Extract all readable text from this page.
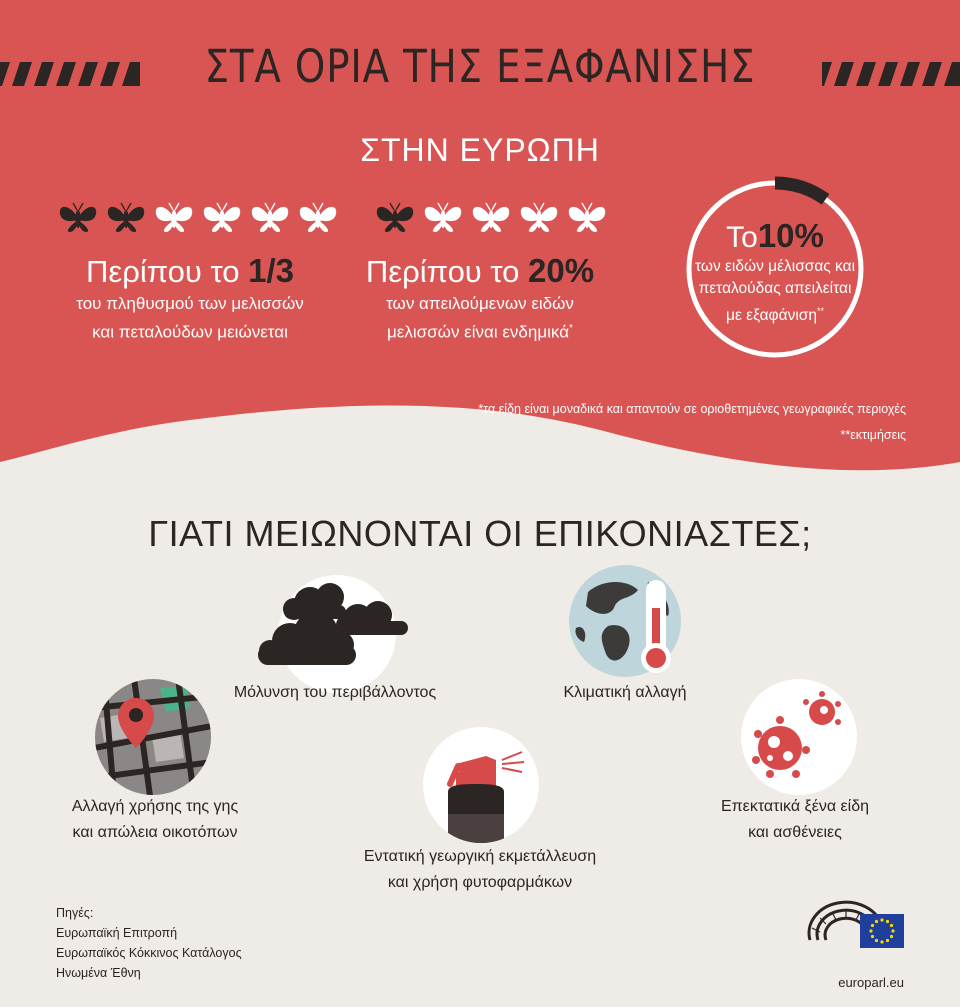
ΣΤΑ ΟΡΙΑ ΤΗΣ ΕΞΑΦΑΝΙΣΗΣ
ΣΤΗΝ ΕΥΡΩΠΗ
Περίπου το 1/3
του πληθυσμού των μελισσών
και πεταλούδων μειώνεται
Περίπου το 20%
των απειλούμενων ειδών
μελισσών είναι ενδημικά*
Το10%
των ειδών μέλισσας και
πεταλούδας απειλείται
με εξαφάνιση**
*τα είδη είναι μοναδικά και απαντούν σε οριοθετημένες γεωγραφικές περιοχές
**εκτιμήσεις
ΓΙΑΤΙ ΜΕΙΩΝΟΝΤΑΙ ΟΙ ΕΠΙΚΟΝΙΑΣΤΕΣ;
Μόλυνση του περιβάλλοντος	Κλιματική αλλαγή
Αλλαγή χρήσης της γης
και απώλεια οικοτόπων
Εντατική γεωργική εκμετάλλευση
και χρήση φυτοφαρμάκων
Επεκτατικά ξένα είδη
και ασθένειες
Πηγές:
Ευρωπαϊκή Επιτροπή
Ευρωπαϊκός Κόκκινος Κατάλογος
Ηνωμένα Έθνη
europarl.eu
